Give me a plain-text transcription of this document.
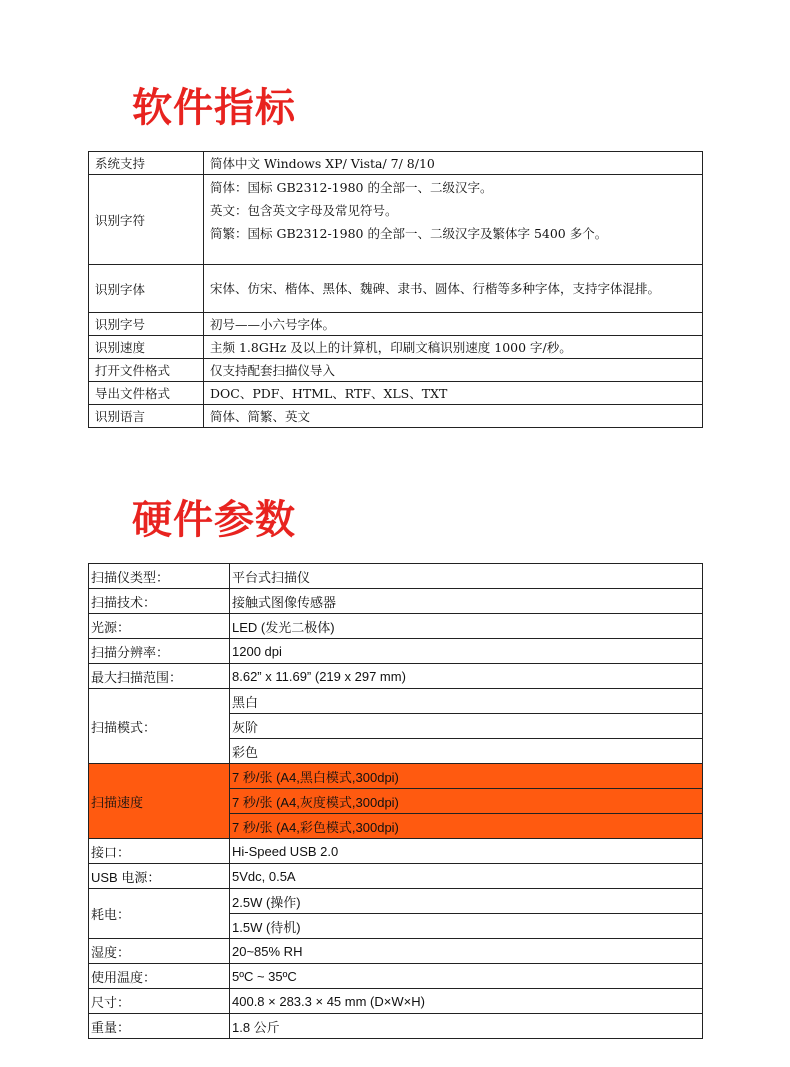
软件指标
系统支持	简体中文 Windows XP/ Vista/ 7/ 8/10
识别字符	简体：国标 GB2312-1980 的全部一、二级汉字。
英文：包含英文字母及常见符号。
简繁：国标 GB2312-1980 的全部一、二级汉字及繁体字 5400 多个。

识别字体	宋体、仿宋、楷体、黑体、魏碑、隶书、圆体、行楷等多种字体，支持字体混排。
识别字号	初号——小六号字体。
识别速度	主频 1.8GHz 及以上的计算机，印刷文稿识别速度 1000 字/秒。
打开文件格式	仅支持配套扫描仪导入
导出文件格式	DOC、PDF、HTML、RTF、XLS、TXT
识别语言	简体、简繁、英文
硬件参数
扫描仪类型：	平台式扫描仪
扫描技术：	接触式图像传感器
光源：	LED (发光二极体)
扫描分辨率：	1200 dpi
最大扫描范围：	8.62” x 11.69” (219 x 297 mm)
扫描模式：	黑白
	灰阶
	彩色
扫描速度	7 秒/张 (A4,黑白模式,300dpi)
	7 秒/张 (A4,灰度模式,300dpi)
	7 秒/张 (A4,彩色模式,300dpi)
接口：	Hi-Speed USB 2.0
USB 电源：	5Vdc, 0.5A
耗电：	2.5W (操作)
	1.5W (待机)
湿度：	20~85% RH
使用温度：	5ºC ~ 35ºC
尺寸：	400.8 × 283.3 × 45 mm (D×W×H)
重量：	1.8 公斤
